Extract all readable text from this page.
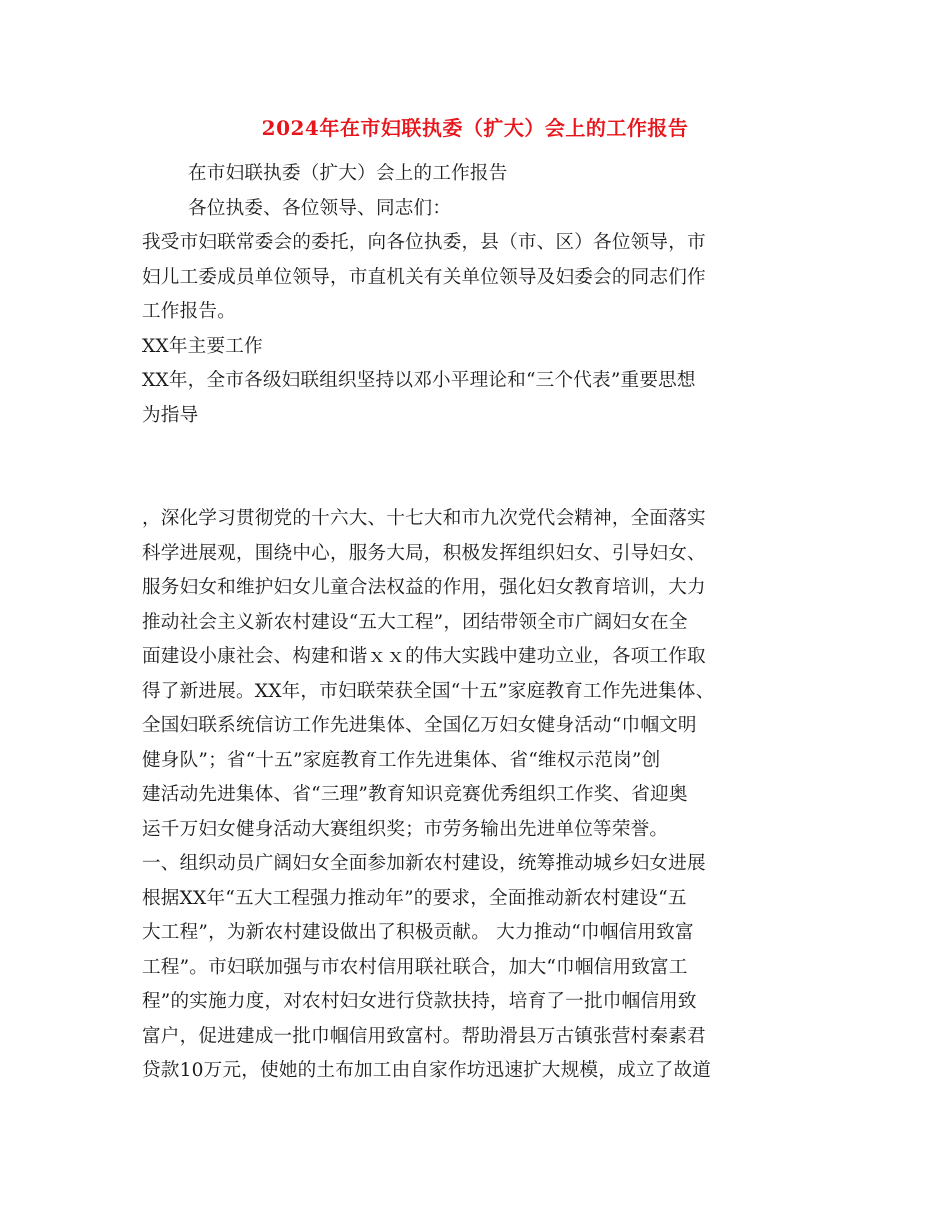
2024年在市妇联执委（扩大）会上的工作报告
在市妇联执委（扩大）会上的工作报告
各位执委、各位领导、同志们：
我受市妇联常委会的委托，向各位执委，县（市、区）各位领导，市
妇儿工委成员单位领导，市直机关有关单位领导及妇委会的同志们作
工作报告。
XX年主要工作
XX年，全市各级妇联组织坚持以邓小平理论和“三个代表”重要思想
为指导
，深化学习贯彻党的十六大、十七大和市九次党代会精神，全面落实
科学进展观，围绕中心，服务大局，积极发挥组织妇女、引导妇女、
服务妇女和维护妇女儿童合法权益的作用，强化妇女教育培训，大力
推动社会主义新农村建设“五大工程”，团结带领全市广阔妇女在全
面建设小康社会、构建和谐ｘｘ的伟大实践中建功立业，各项工作取
得了新进展。XX年，市妇联荣获全国“十五”家庭教育工作先进集体、
全国妇联系统信访工作先进集体、全国亿万妇女健身活动“巾帼文明
健身队”；省“十五”家庭教育工作先进集体、省“维权示范岗”创
建活动先进集体、省“三理”教育知识竞赛优秀组织工作奖、省迎奥
运千万妇女健身活动大赛组织奖；市劳务输出先进单位等荣誉。
一、组织动员广阔妇女全面参加新农村建设，统筹推动城乡妇女进展
根据XX年“五大工程强力推动年”的要求，全面推动新农村建设“五
大工程”，为新农村建设做出了积极贡献。 大力推动“巾帼信用致富
工程”。市妇联加强与市农村信用联社联合，加大“巾帼信用致富工
程”的实施力度，对农村妇女进行贷款扶持，培育了一批巾帼信用致
富户，促进建成一批巾帼信用致富村。帮助滑县万古镇张营村秦素君
贷款10万元，使她的土布加工由自家作坊迅速扩大规模，成立了故道
